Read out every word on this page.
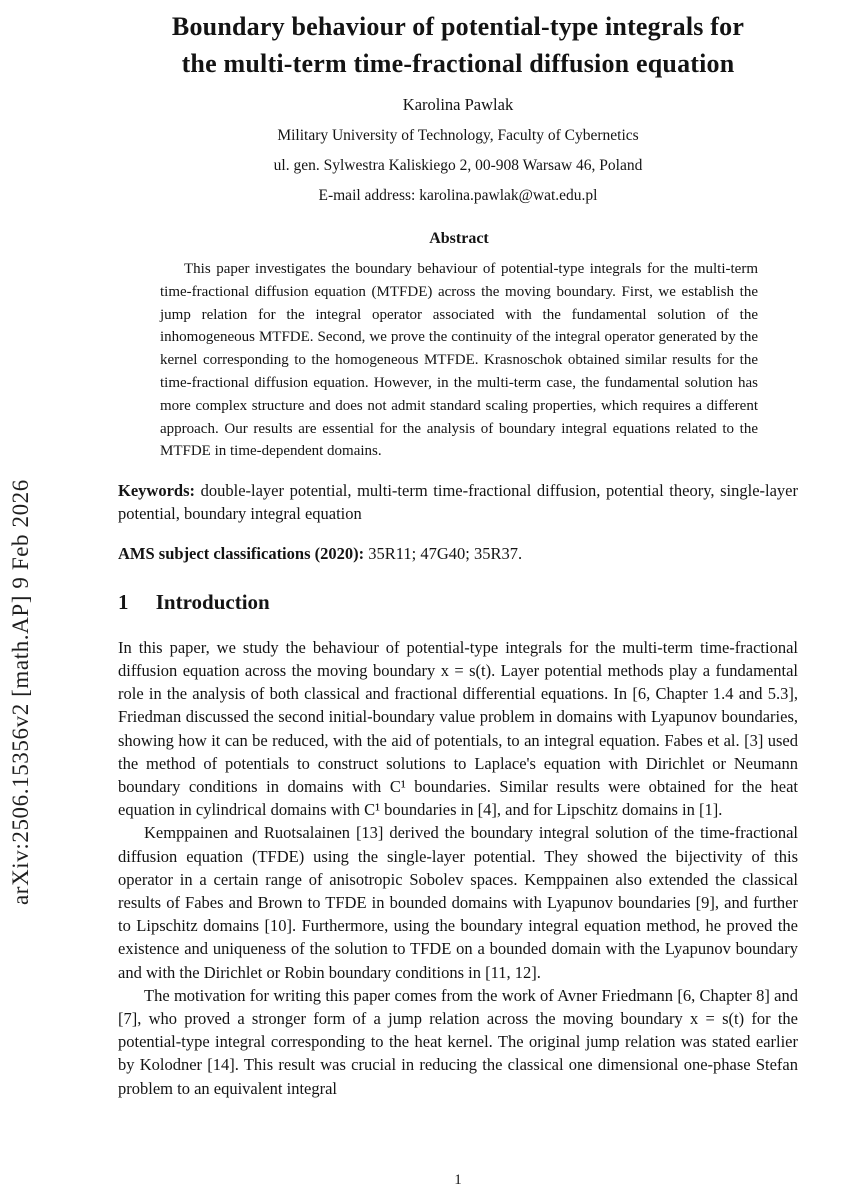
arXiv:2506.15356v2 [math.AP] 9 Feb 2026
Boundary behaviour of potential-type integrals for
the multi-term time-fractional diffusion equation

Karolina Pawlak

Military University of Technology, Faculty of Cybernetics

ul. gen. Sylwestra Kaliskiego 2, 00-908 Warsaw 46, Poland

E-mail address: karolina.pawlak@wat.edu.pl

Abstract

This paper investigates the boundary behaviour of potential-type integrals for the multi-term time-fractional diffusion equation (MTFDE) across the moving boundary. First, we establish the jump relation for the integral operator associated with the fundamental solution of the inhomogeneous MTFDE. Second, we prove the continuity of the integral operator generated by the kernel corresponding to the homogeneous MTFDE. Krasnoschok obtained similar results for the time-fractional diffusion equation. However, in the multi-term case, the fundamental solution has more complex structure and does not admit standard scaling properties, which requires a different approach. Our results are essential for the analysis of boundary integral equations related to the MTFDE in time-dependent domains.

Keywords: double-layer potential, multi-term time-fractional diffusion, potential theory, single-layer potential, boundary integral equation

AMS subject classifications (2020): 35R11; 47G40; 35R37.

1 Introduction

In this paper, we study the behaviour of potential-type integrals for the multi-term time-fractional diffusion equation across the moving boundary x = s(t). Layer potential methods play a fundamental role in the analysis of both classical and fractional differential equations. In [6, Chapter 1.4 and 5.3], Friedman discussed the second initial-boundary value problem in domains with Lyapunov boundaries, showing how it can be reduced, with the aid of potentials, to an integral equation. Fabes et al. [3] used the method of potentials to construct solutions to Laplace's equation with Dirichlet or Neumann boundary conditions in domains with C¹ boundaries. Similar results were obtained for the heat equation in cylindrical domains with C¹ boundaries in [4], and for Lipschitz domains in [1].

Kemppainen and Ruotsalainen [13] derived the boundary integral solution of the time-fractional diffusion equation (TFDE) using the single-layer potential. They showed the bijectivity of this operator in a certain range of anisotropic Sobolev spaces. Kemppainen also extended the classical results of Fabes and Brown to TFDE in bounded domains with Lyapunov boundaries [9], and further to Lipschitz domains [10]. Furthermore, using the boundary integral equation method, he proved the existence and uniqueness of the solution to TFDE on a bounded domain with the Lyapunov boundary and with the Dirichlet or Robin boundary conditions in [11, 12].

The motivation for writing this paper comes from the work of Avner Friedmann [6, Chapter 8] and [7], who proved a stronger form of a jump relation across the moving boundary x = s(t) for the potential-type integral corresponding to the heat kernel. The original jump relation was stated earlier by Kolodner [14]. This result was crucial in reducing the classical one dimensional one-phase Stefan problem to an equivalent integral

1
